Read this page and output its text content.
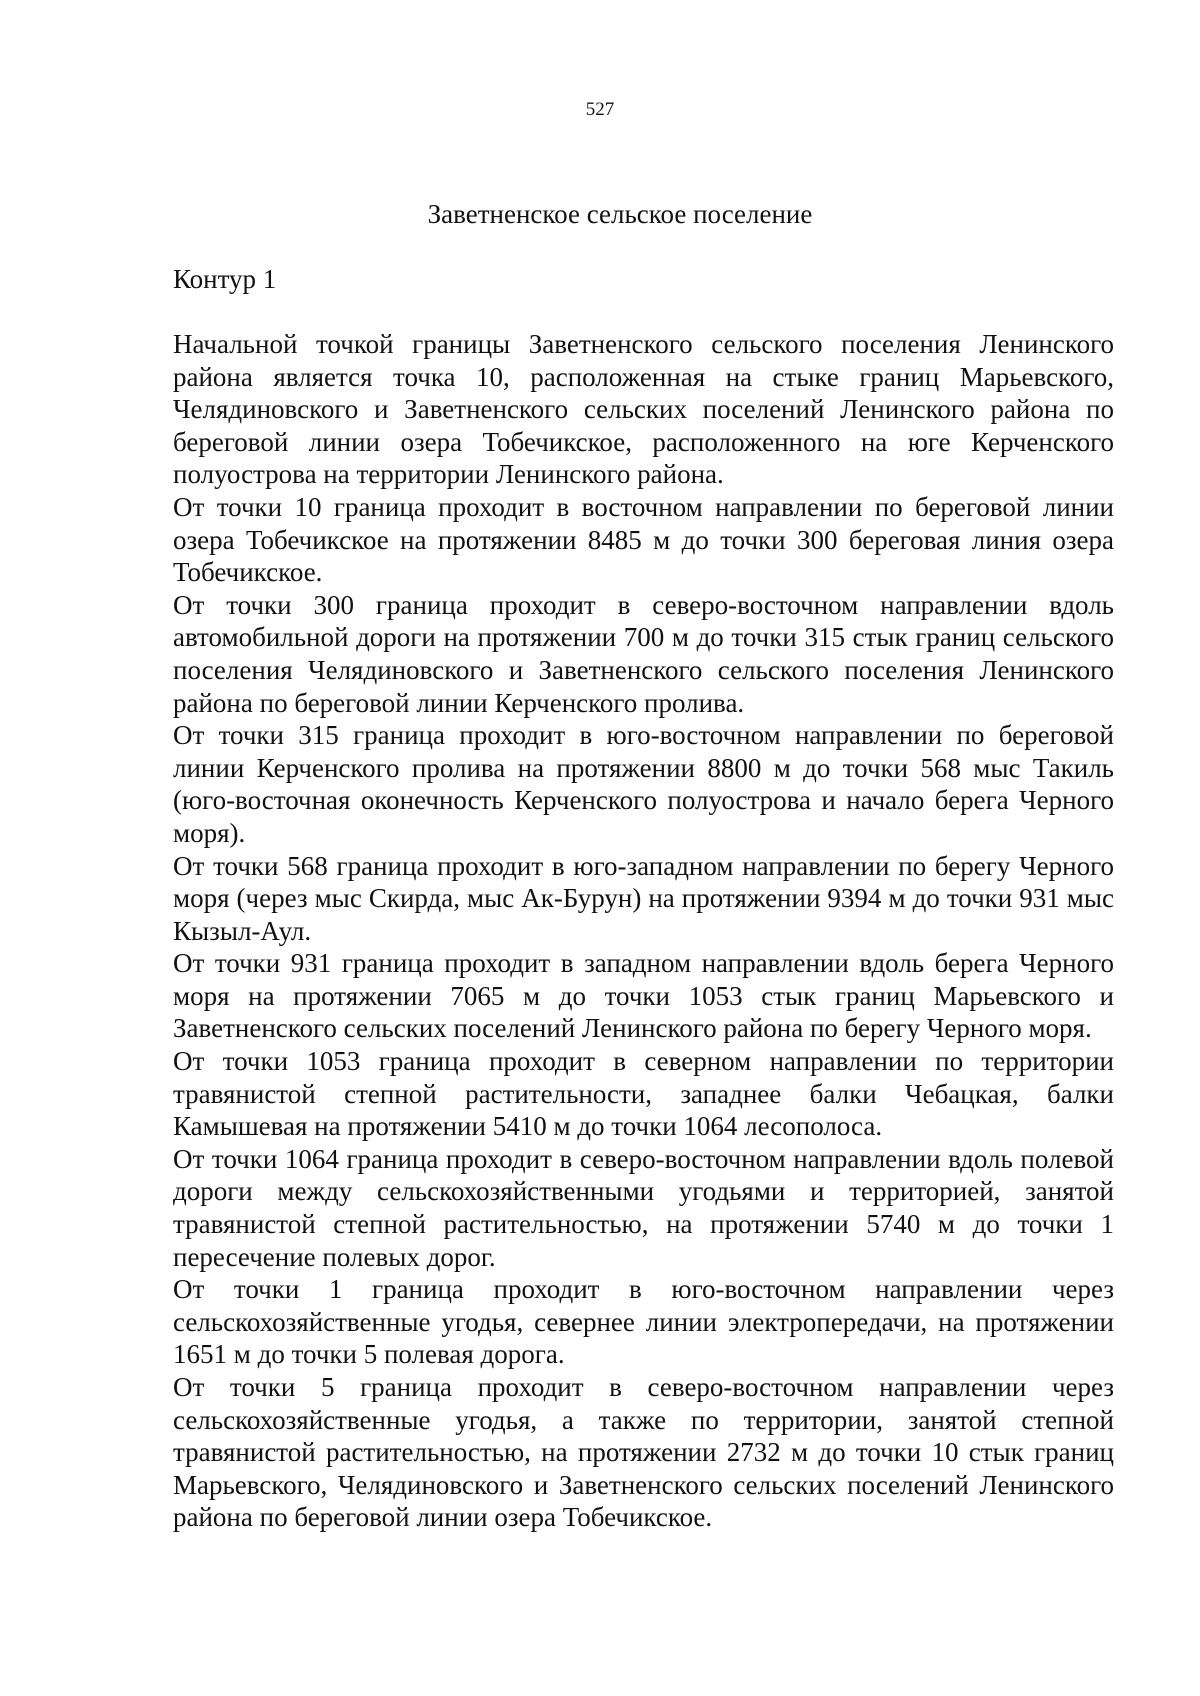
527
Заветненское сельское поселение
Контур 1

Начальной точкой границы Заветненского сельского поселения Ленинского района является точка 10, расположенная на стыке границ Марьевского, Челядиновского и Заветненского сельских поселений Ленинского района по береговой линии озера Тобечикское, расположенного на юге Керченского полуострова на территории Ленинского района.

От точки 10 граница проходит в восточном направлении по береговой линии озера Тобечикское на протяжении 8485 м до точки 300 береговая линия озера Тобечикское.

От точки 300 граница проходит в северо-восточном направлении вдоль автомобильной дороги на протяжении 700 м до точки 315 стык границ сельского поселения Челядиновского и Заветненского сельского поселения Ленинского района по береговой линии Керченского пролива.

От точки 315 граница проходит в юго-восточном направлении по береговой линии Керченского пролива на протяжении 8800 м до точки 568 мыс Такиль (юго-восточная оконечность Керченского полуострова и начало берега Черного моря).

От точки 568 граница проходит в юго-западном направлении по берегу Черного моря (через мыс Скирда, мыс Ак-Бурун) на протяжении 9394 м до точки 931 мыс Кызыл-Аул.

От точки 931 граница проходит в западном направлении вдоль берега Черного моря на протяжении 7065 м до точки 1053 стык границ Марьевского и Заветненского сельских поселений Ленинского района по берегу Черного моря.

От точки 1053 граница проходит в северном направлении по территории травянистой степной растительности, западнее балки Чебацкая, балки Камышевая на протяжении 5410 м до точки 1064 лесополоса.

От точки 1064 граница проходит в северо-восточном направлении вдоль полевой дороги между сельскохозяйственными угодьями и территорией, занятой травянистой степной растительностью, на протяжении 5740 м до точки 1 пересечение полевых дорог.

От точки 1 граница проходит в юго-восточном направлении через сельскохозяйственные угодья, севернее линии электропередачи, на протяжении 1651 м до точки 5 полевая дорога.

От точки 5 граница проходит в северо-восточном направлении через сельскохозяйственные угодья, а также по территории, занятой степной травянистой растительностью, на протяжении 2732 м до точки 10 стык границ Марьевского, Челядиновского и Заветненского сельских поселений Ленинского района по береговой линии озера Тобечикское.
